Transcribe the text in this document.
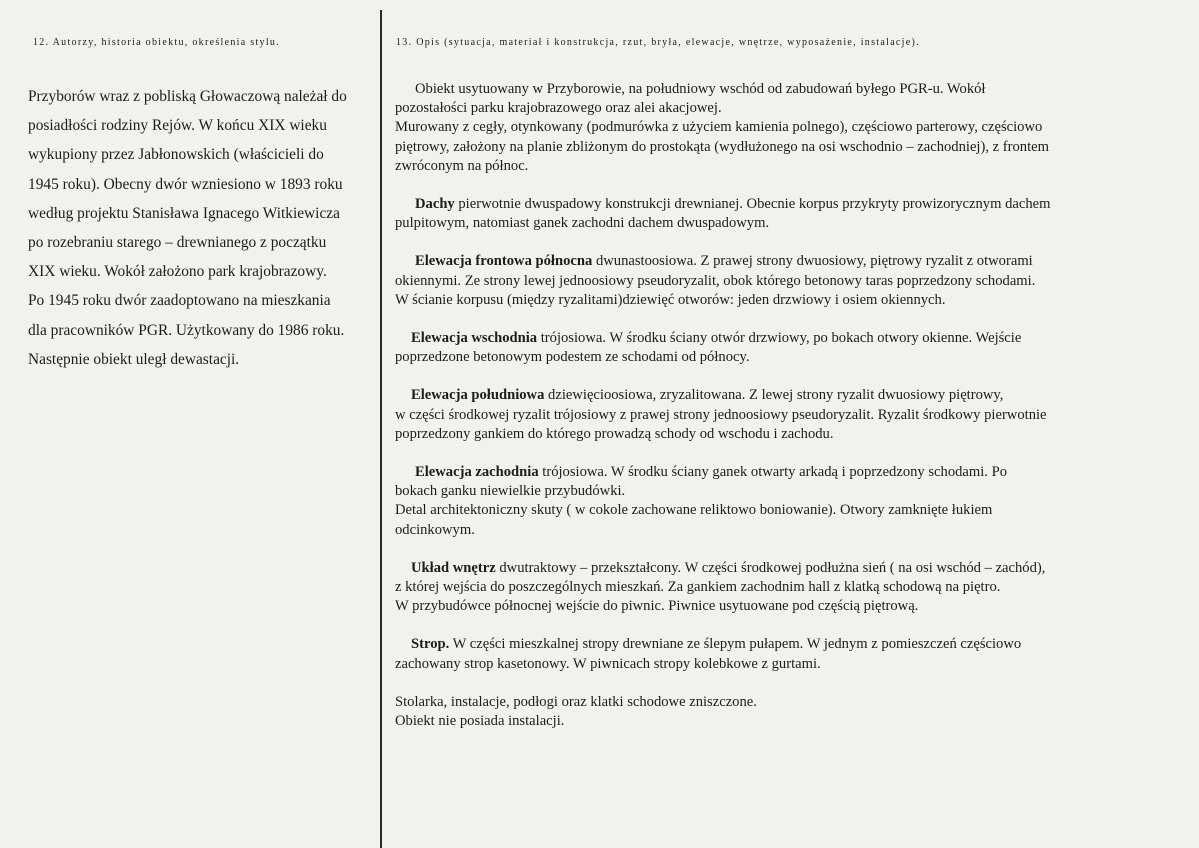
12. Autorzy, historia obiektu, określenia stylu.	13. Opis (sytuacja, materiał i konstrukcja, rzut, bryła, elewacje, wnętrze, wyposażenie, instalacje).
Przyborów wraz z pobliską Głowaczową należał do
posiadłości rodziny Rejów. W końcu XIX wieku
wykupiony przez Jabłonowskich (właścicieli do
1945 roku). Obecny dwór wzniesiono w 1893 roku
według projektu Stanisława Ignacego Witkiewicza
po rozebraniu starego – drewnianego z początku
XIX wieku. Wokół założono park krajobrazowy.
Po 1945 roku dwór zaadoptowano na mieszkania
dla pracowników PGR. Użytkowany do 1986 roku.
Następnie obiekt uległ dewastacji.
Obiekt usytuowany w Przyborowie, na południowy wschód od zabudowań byłego PGR-u. Wokół
pozostałości parku krajobrazowego oraz alei akacjowej.
Murowany z cegły, otynkowany (podmurówka z użyciem kamienia polnego), częściowo parterowy, częściowo
piętrowy, założony na planie zbliżonym do prostokąta (wydłużonego na osi wschodnio – zachodniej), z frontem
zwróconym na północ.
Dachy pierwotnie dwuspadowy konstrukcji drewnianej. Obecnie korpus przykryty prowizorycznym dachem
pulpitowym, natomiast ganek zachodni dachem dwuspadowym.
Elewacja frontowa północna dwunastoosiowa. Z prawej strony dwuosiowy, piętrowy ryzalit z otworami
okiennymi. Ze strony lewej jednoosiowy pseudoryzalit, obok którego betonowy taras poprzedzony schodami.
W ścianie korpusu (między ryzalitami)dziewięć otworów: jeden drzwiowy i osiem okiennych.
Elewacja wschodnia trójosiowa. W środku ściany otwór drzwiowy, po bokach otwory okienne. Wejście
poprzedzone betonowym podestem ze schodami od północy.
Elewacja południowa dziewięcioosiowa, zryzalitowana. Z lewej strony ryzalit dwuosiowy piętrowy,
w części środkowej ryzalit trójosiowy z prawej strony jednoosiowy pseudoryzalit. Ryzalit środkowy pierwotnie
poprzedzony gankiem do którego prowadzą schody od wschodu i zachodu.
Elewacja zachodnia trójosiowa. W środku ściany ganek otwarty arkadą i poprzedzony schodami. Po
bokach ganku niewielkie przybudówki.
Detal architektoniczny skuty ( w cokole zachowane reliktowo boniowanie). Otwory zamknięte łukiem
odcinkowym.
Układ wnętrz dwutraktowy – przekształcony. W części środkowej podłużna sień ( na osi wschód – zachód),
z której wejścia do poszczególnych mieszkań. Za gankiem zachodnim hall z klatką schodową na piętro.
W przybudówce północnej wejście do piwnic. Piwnice usytuowane pod częścią piętrową.
Strop. W części mieszkalnej stropy drewniane ze ślepym pułapem. W jednym z pomieszczeń częściowo
zachowany strop kasetonowy. W piwnicach stropy kolebkowe z gurtami.
Stolarka, instalacje, podłogi oraz klatki schodowe zniszczone.
Obiekt nie posiada instalacji.
